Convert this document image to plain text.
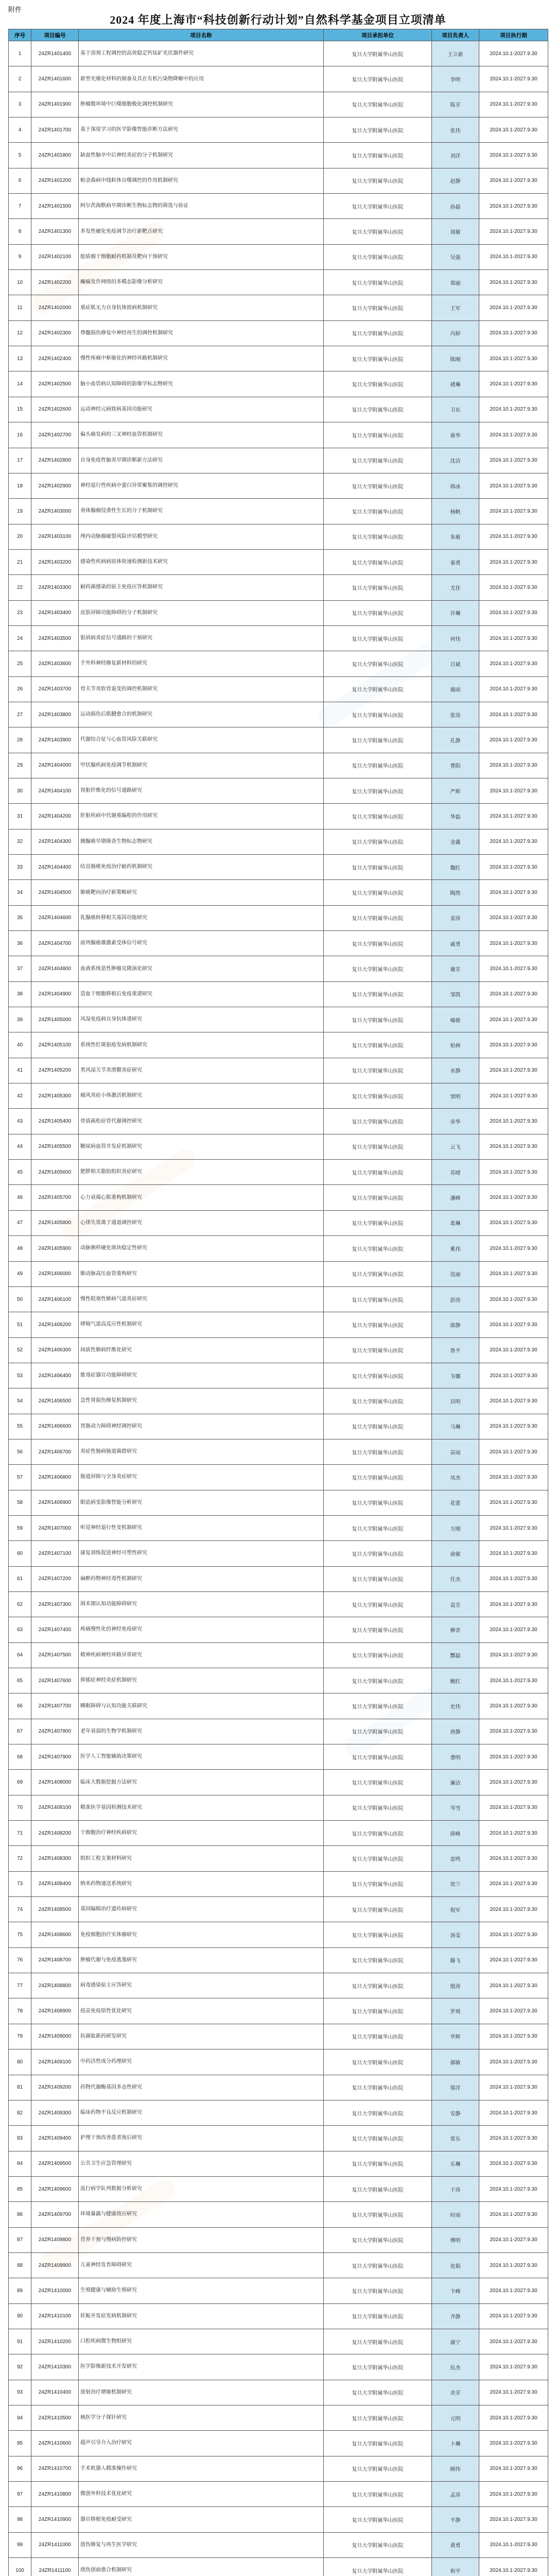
附件
2024 年度上海市“科技创新行动计划”自然科学基金项目立项清单
序号	项目编号	项目名称	项目承担单位	项目负责人	项目执行期
1	24ZR1401400	基于溶剂工程调控的高效稳定钙钛矿光伏器件研究	复旦大学附属华山医院	王立新	2024.10.1-2027.9.30
2	24ZR1401600	新型光催化材料的制备及其在有机污染物降解中的应用	复旦大学附属华山医院	李明	2024.10.1-2027.9.30
3	24ZR1401900	肿瘤微环境中巨噬细胞极化调控机制研究	复旦大学附属华山医院	陈芳	2024.10.1-2027.9.30
4	24ZR1401700	基于深度学习的医学影像智能诊断方法研究	复旦大学附属华山医院	张伟	2024.10.1-2027.9.30
5	24ZR1401800	缺血性脑卒中后神经炎症的分子机制研究	复旦大学附属华山医院	刘洋	2024.10.1-2027.9.30
6	24ZR1401200	帕金森病中线粒体自噬调控的作用机制研究	复旦大学附属华山医院	赵静	2024.10.1-2027.9.30
7	24ZR1401500	阿尔茨海默病早期诊断生物标志物的筛选与验证	复旦大学附属华山医院	孙磊	2024.10.1-2027.9.30
8	24ZR1401300	多发性硬化免疫调节治疗新靶点研究	复旦大学附属华山医院	周敏	2024.10.1-2027.9.30
9	24ZR1402100	胶质瘤干细胞耐药机制及靶向干预研究	复旦大学附属华山医院	吴强	2024.10.1-2027.9.30
10	24ZR1402200	癫痫发作网络的多模态影像分析研究	复旦大学附属华山医院	郑丽	2024.10.1-2027.9.30
11	24ZR1402000	重症肌无力自身抗体致病机制研究	复旦大学附属华山医院	王军	2024.10.1-2027.9.30
12	24ZR1402300	脊髓损伤修复中神经再生的调控机制研究	复旦大学附属华山医院	冯婷	2024.10.1-2027.9.30
13	24ZR1402400	慢性疼痛中枢敏化的神经环路机制研究	复旦大学附属华山医院	陈刚	2024.10.1-2027.9.30
14	24ZR1402500	脑小血管病认知障碍的影像学标志物研究	复旦大学附属华山医院	褚琳	2024.10.1-2027.9.30
15	24ZR1402600	运动神经元病致病基因功能研究	复旦大学附属华山医院	卫东	2024.10.1-2027.9.30
16	24ZR1402700	偏头痛发病的三叉神经血管机制研究	复旦大学附属华山医院	蒋华	2024.10.1-2027.9.30
17	24ZR1402800	自身免疫性脑炎早期诊断新方法研究	复旦大学附属华山医院	沈洁	2024.10.1-2027.9.30
18	24ZR1402900	神经退行性疾病中蛋白异常聚集的调控研究	复旦大学附属华山医院	韩冰	2024.10.1-2027.9.30
19	24ZR1403000	垂体腺瘤侵袭性生长的分子机制研究	复旦大学附属华山医院	杨帆	2024.10.1-2027.9.30
20	24ZR1403100	颅内动脉瘤破裂风险评估模型研究	复旦大学附属华山医院	朱敏	2024.10.1-2027.9.30
21	24ZR1403200	感染性疾病病原体快速检测新技术研究	复旦大学附属华山医院	秦勇	2024.10.1-2027.9.30
22	24ZR1403300	耐药菌感染的宿主免疫应答机制研究	复旦大学附属华山医院	尤佳	2024.10.1-2027.9.30
23	24ZR1403400	皮肤屏障功能障碍的分子机制研究	复旦大学附属华山医院	许琳	2024.10.1-2027.9.30
24	24ZR1403500	银屑病炎症信号通路的干预研究	复旦大学附属华山医院	何伟	2024.10.1-2027.9.30
25	24ZR1403600	手外科神经修复新材料的研究	复旦大学附属华山医院	吕斌	2024.10.1-2027.9.30
26	24ZR1403700	骨关节炎软骨退变的调控机制研究	复旦大学附属华山医院	施雨	2024.10.1-2027.9.30
27	24ZR1403800	运动损伤后肌腱愈合的机制研究	复旦大学附属华山医院	张涛	2024.10.1-2027.9.30
28	24ZR1403900	代谢综合征与心血管风险关联研究	复旦大学附属华山医院	孔静	2024.10.1-2027.9.30
29	24ZR1404000	甲状腺疾病免疫调节机制研究	复旦大学附属华山医院	曹阳	2024.10.1-2027.9.30
30	24ZR1404100	肾脏纤维化的信号通路研究	复旦大学附属华山医院	严辉	2024.10.1-2027.9.30
31	24ZR1404200	肝脏疾病中代谢重编程的作用研究	复旦大学附属华山医院	华磊	2024.10.1-2027.9.30
32	24ZR1404300	胰腺癌早期筛查生物标志物研究	复旦大学附属华山医院	金鑫	2024.10.1-2027.9.30
33	24ZR1404400	结直肠癌免疫治疗耐药机制研究	复旦大学附属华山医院	魏红	2024.10.1-2027.9.30
34	24ZR1404500	肺癌靶向治疗新策略研究	复旦大学附属华山医院	陶然	2024.10.1-2027.9.30
35	24ZR1404600	乳腺癌转移相关基因功能研究	复旦大学附属华山医院	姜涛	2024.10.1-2027.9.30
36	24ZR1404700	前列腺癌雄激素受体信号研究	复旦大学附属华山医院	戚勇	2024.10.1-2027.9.30
37	24ZR1404800	血液系统恶性肿瘤克隆演化研究	复旦大学附属华山医院	谢芳	2024.10.1-2027.9.30
38	24ZR1404900	造血干细胞移植后免疫重建研究	复旦大学附属华山医院	邹凯	2024.10.1-2027.9.30
39	24ZR1405000	风湿免疫病自身抗体谱研究	复旦大学附属华山医院	喻敏	2024.10.1-2027.9.30
40	24ZR1405100	系统性红斑狼疮发病机制研究	复旦大学附属华山医院	柏林	2024.10.1-2027.9.30
41	24ZR1405200	类风湿关节炎滑膜炎症研究	复旦大学附属华山医院	水静	2024.10.1-2027.9.30
42	24ZR1405300	痛风炎症小体激活机制研究	复旦大学附属华山医院	窦明	2024.10.1-2027.9.30
43	24ZR1405400	骨质疏松症骨代谢调控研究	复旦大学附属华山医院	章华	2024.10.1-2027.9.30
44	24ZR1405500	糖尿病血管并发症机制研究	复旦大学附属华山医院	云飞	2024.10.1-2027.9.30
45	24ZR1405600	肥胖相关脂肪组织炎症研究	复旦大学附属华山医院	苏晴	2024.10.1-2027.9.30
46	24ZR1405700	心力衰竭心肌重构机制研究	复旦大学附属华山医院	潘峰	2024.10.1-2027.9.30
47	24ZR1405800	心律失常离子通道调控研究	复旦大学附属华山医院	葛琳	2024.10.1-2027.9.30
48	24ZR1405900	动脉粥样硬化斑块稳定性研究	复旦大学附属华山医院	奚伟	2024.10.1-2027.9.30
49	24ZR1406000	肺动脉高压血管重构研究	复旦大学附属华山医院	范丽	2024.10.1-2027.9.30
50	24ZR1406100	慢性阻塞性肺病气道炎症研究	复旦大学附属华山医院	彭涛	2024.10.1-2027.9.30
51	24ZR1406200	哮喘气道高反应性机制研究	复旦大学附属华山医院	郎静	2024.10.1-2027.9.30
52	24ZR1406300	间质性肺病纤维化研究	复旦大学附属华山医院	鲁平	2024.10.1-2027.9.30
53	24ZR1406400	脓毒症器官功能障碍研究	复旦大学附属华山医院	韦娜	2024.10.1-2027.9.30
54	24ZR1406500	急性肾损伤修复机制研究	复旦大学附属华山医院	昌明	2024.10.1-2027.9.30
55	24ZR1406600	胃肠动力障碍神经调控研究	复旦大学附属华山医院	马琳	2024.10.1-2027.9.30
56	24ZR1406700	炎症性肠病肠道菌群研究	复旦大学附属华山医院	苗雨	2024.10.1-2027.9.30
57	24ZR1406800	肠道屏障与全身炎症研究	复旦大学附属华山医院	凤杰	2024.10.1-2027.9.30
58	24ZR1406900	眼底病变影像智能分析研究	复旦大学附属华山医院	花蕾	2024.10.1-2027.9.30
59	24ZR1407000	听觉神经退行性变机制研究	复旦大学附属华山医院	方刚	2024.10.1-2027.9.30
60	24ZR1407100	康复训练促进神经可塑性研究	复旦大学附属华山医院	俞敏	2024.10.1-2027.9.30
61	24ZR1407200	麻醉药物神经毒性机制研究	复旦大学附属华山医院	任杰	2024.10.1-2027.9.30
62	24ZR1407300	围术期认知功能障碍研究	复旦大学附属华山医院	袁芳	2024.10.1-2027.9.30
63	24ZR1407400	疼痛慢性化的神经免疫研究	复旦大学附属华山医院	柳青	2024.10.1-2027.9.30
64	24ZR1407500	精神疾病神经环路异常研究	复旦大学附属华山医院	酆磊	2024.10.1-2027.9.30
65	24ZR1407600	抑郁症神经炎症机制研究	复旦大学附属华山医院	鲍红	2024.10.1-2027.9.30
66	24ZR1407700	睡眠障碍与认知功能关联研究	复旦大学附属华山医院	史伟	2024.10.1-2027.9.30
67	24ZR1407800	老年衰弱的生物学机制研究	复旦大学附属华山医院	唐静	2024.10.1-2027.9.30
68	24ZR1407900	医学人工智能辅助决策研究	复旦大学附属华山医院	费明	2024.10.1-2027.9.30
69	24ZR1408000	临床大数据挖掘方法研究	复旦大学附属华山医院	廉洁	2024.10.1-2027.9.30
70	24ZR1408100	精准医学基因检测技术研究	复旦大学附属华山医院	岑雪	2024.10.1-2027.9.30
71	24ZR1408200	干细胞治疗神经疾病研究	复旦大学附属华山医院	薛峰	2024.10.1-2027.9.30
72	24ZR1408300	组织工程支架材料研究	复旦大学附属华山医院	雷鸣	2024.10.1-2027.9.30
73	24ZR1408400	纳米药物递送系统研究	复旦大学附属华山医院	贺兰	2024.10.1-2027.9.30
74	24ZR1408500	基因编辑治疗遗传病研究	复旦大学附属华山医院	倪军	2024.10.1-2027.9.30
75	24ZR1408600	免疫细胞治疗实体瘤研究	复旦大学附属华山医院	汤雯	2024.10.1-2027.9.30
76	24ZR1408700	肿瘤代谢与免疫逃逸研究	复旦大学附属华山医院	滕飞	2024.10.1-2027.9.30
77	24ZR1408800	病毒感染宿主应答研究	复旦大学附属华山医院	殷涛	2024.10.1-2027.9.30
78	24ZR1408900	疫苗免疫原性优化研究	复旦大学附属华山医院	罗琪	2024.10.1-2027.9.30
79	24ZR1409000	抗菌肽新药研发研究	复旦大学附属华山医院	毕辉	2024.10.1-2027.9.30
80	24ZR1409100	中药活性成分药理研究	复旦大学附属华山医院	郝敏	2024.10.1-2027.9.30
81	24ZR1409200	药物代谢酶基因多态性研究	复旦大学附属华山医院	邬洋	2024.10.1-2027.9.30
82	24ZR1409300	临床药物不良反应机制研究	复旦大学附属华山医院	安静	2024.10.1-2027.9.30
83	24ZR1409400	护理干预改善患者预后研究	复旦大学附属华山医院	常乐	2024.10.1-2027.9.30
84	24ZR1409500	公共卫生应急管理研究	复旦大学附属华山医院	乐琳	2024.10.1-2027.9.30
85	24ZR1409600	流行病学队列数据分析研究	复旦大学附属华山医院	于涛	2024.10.1-2027.9.30
86	24ZR1409700	环境暴露与健康效应研究	复旦大学附属华山医院	时雨	2024.10.1-2027.9.30
87	24ZR1409800	营养干预与慢病防控研究	复旦大学附属华山医院	傅明	2024.10.1-2027.9.30
88	24ZR1409900	儿童神经发育障碍研究	复旦大学附属华山医院	皮娟	2024.10.1-2027.9.30
89	24ZR1410000	生殖健康与辅助生殖研究	复旦大学附属华山医院	卞峰	2024.10.1-2027.9.30
90	24ZR1410100	妊娠并发症发病机制研究	复旦大学附属华山医院	齐静	2024.10.1-2027.9.30
91	24ZR1410200	口腔疾病微生物组研究	复旦大学附属华山医院	康宁	2024.10.1-2027.9.30
92	24ZR1410300	医学影像新技术开发研究	复旦大学附属华山医院	伍杰	2024.10.1-2027.9.30
93	24ZR1410400	放射治疗增敏机制研究	复旦大学附属华山医院	余芳	2024.10.1-2027.9.30
94	24ZR1410500	核医学分子探针研究	复旦大学附属华山医院	元明	2024.10.1-2027.9.30
95	24ZR1410600	超声引导介入治疗研究	复旦大学附属华山医院	卜琳	2024.10.1-2027.9.30
96	24ZR1410700	手术机器人精准操作研究	复旦大学附属华山医院	顾伟	2024.10.1-2027.9.30
97	24ZR1410800	微创外科技术优化研究	复旦大学附属华山医院	孟涛	2024.10.1-2027.9.30
98	24ZR1410900	器官移植免疫耐受研究	复旦大学附属华山医院	平静	2024.10.1-2027.9.30
99	24ZR1411000	创伤修复与再生医学研究	复旦大学附属华山医院	黄勇	2024.10.1-2027.9.30
100	24ZR1411100	烧伤创面愈合机制研究	复旦大学附属华山医院	和平	2024.10.1-2027.9.30
